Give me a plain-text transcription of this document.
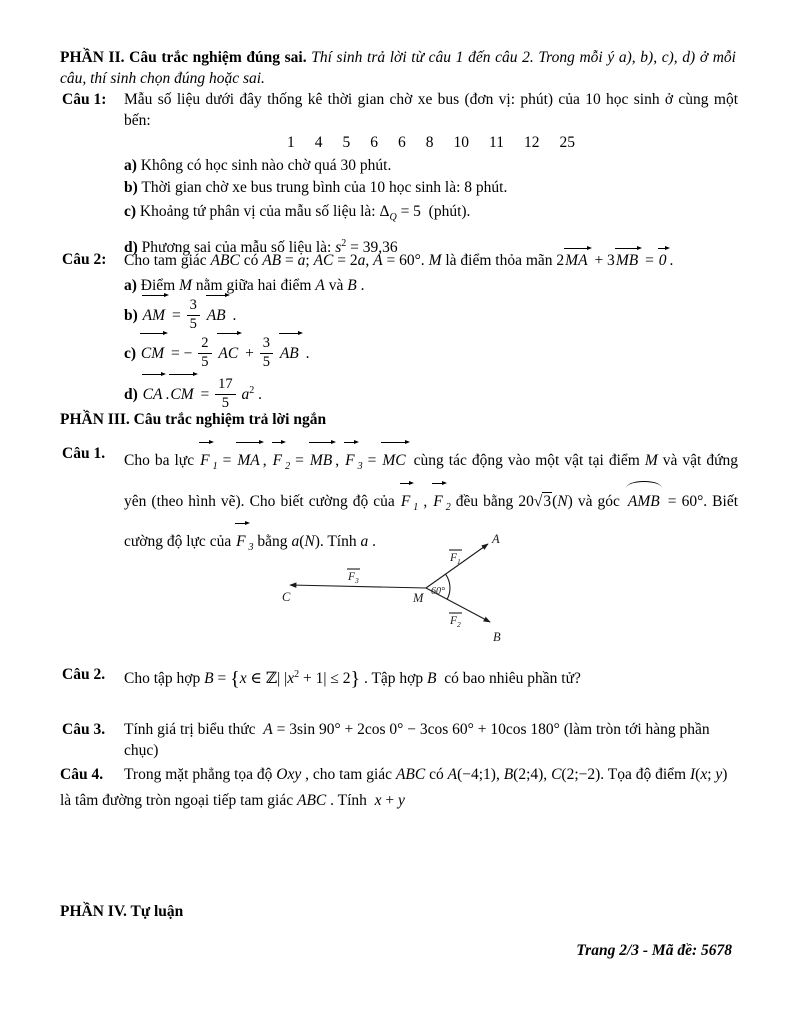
PHẦN II. Câu trắc nghiệm đúng sai. Thí sinh trả lời từ câu 1 đến câu 2. Trong mỗi ý a), b), c), d) ở mỗi câu, thí sinh chọn đúng hoặc sai.
Câu 1: Mẫu số liệu dưới đây thống kê thời gian chờ xe bus (đơn vị: phút) của 10 học sinh ở cùng một bến:
1 4 5 6 6 8 10 11 12 25
a) Không có học sinh nào chờ quá 30 phút.
b) Thời gian chờ xe bus trung bình của 10 học sinh là: 8 phút.
c) Khoảng tứ phân vị của mẫu số liệu là: $\Delta_Q = 5$  (phút).
d) Phương sai của mẫu số liệu là: $s^2 = 39,36$
Câu 2: Cho tam giác ABC có AB = a; AC = 2a, A = 60°. M là điểm thỏa mãn 2MA + 3MB = 0 .
a) Điểm M nằm giữa hai điểm A và B .
b) AM = $\frac{3}{5}$ AB .
c) CM = − $\frac{2}{5}$ AC + $\frac{3}{5}$ AB .
d) CA $.CM = \frac{17}{5} a^2$ .
PHẦN III. Câu trắc nghiệm trả lời ngắn
Câu 1. Cho ba lực F $_1$ = MA , F $_2$ = MB , F $_3$ = MC cùng tác động vào một vật tại điểm M và vật đứng yên (theo hình vẽ). Cho biết cường độ của F $_1$ , F $_2$ đều bằng 20√3(N) và góc AMB = 60°. Biết cường độ lực của F $_3$ bằng a(N). Tính a .
C	M
A
B
60°
$F_3$
$F_1$
$F_2$
Câu 2. Cho tập hợp B = {x ∈ ℤ| $|x^2 + 1| \le 2$} . Tập hợp B  có bao nhiêu phần tử?
Câu 3. Tính giá trị biểu thức  A = 3sin 90° + 2cos 0° − 3cos 60° + 10cos 180° (làm tròn tới hàng phần chục)
Câu 4. Trong mặt phẳng tọa độ Oxy , cho tam giác ABC có A(−4;1), B(2;4), C(2;−2). Tọa độ điểm I(x; y) là tâm đường tròn ngoại tiếp tam giác ABC . Tính  x + y
PHẦN IV. Tự luận
Trang 2/3 - Mã đề: 5678
